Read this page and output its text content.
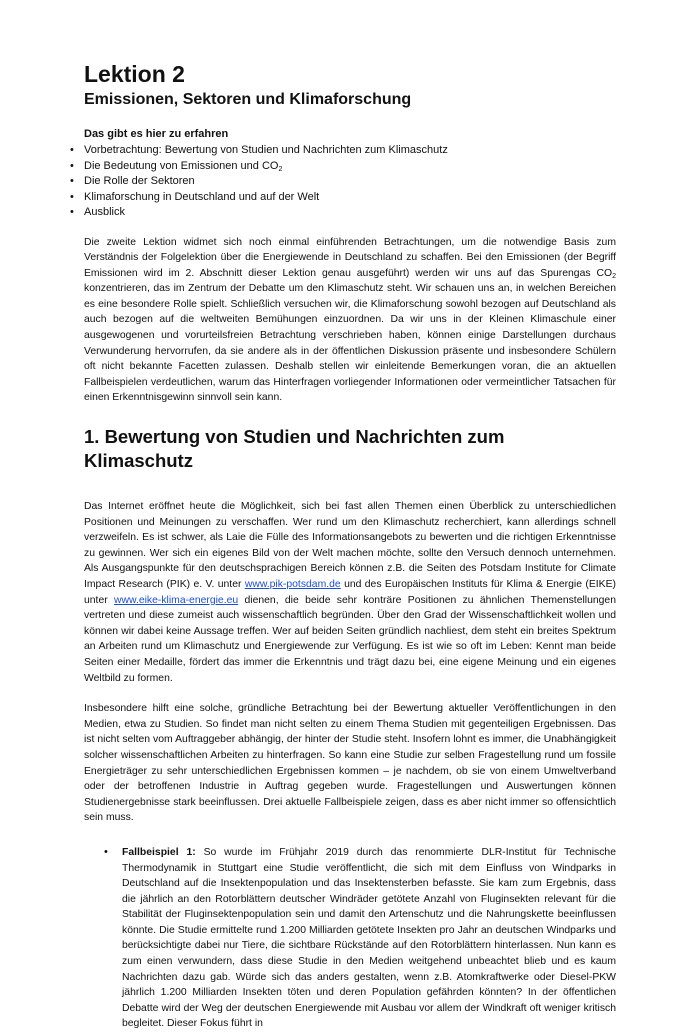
Lektion 2
Emissionen, Sektoren und Klimaforschung
Das gibt es hier zu erfahren
• Vorbetrachtung: Bewertung von Studien und Nachrichten zum Klimaschutz
• Die Bedeutung von Emissionen und $CO_2$
• Die Rolle der Sektoren
• Klimaforschung in Deutschland und auf der Welt
• Ausblick

Die zweite Lektion widmet sich noch einmal einführenden Betrachtungen, um die notwendige Basis zum Verständnis der Folgelektion über die Energiewende in Deutschland zu schaffen. Bei den Emissionen (der Begriff Emissionen wird im 2. Abschnitt dieser Lektion genau ausgeführt) werden wir uns auf das Spurengas $CO_2$ konzentrieren, das im Zentrum der Debatte um den Klimaschutz steht. Wir schauen uns an, in welchen Bereichen es eine besondere Rolle spielt. Schließlich versuchen wir, die Klimaforschung sowohl bezogen auf Deutschland als auch bezogen auf die weltweiten Bemühungen einzuordnen. Da wir uns in der Kleinen Klimaschule einer ausgewogenen und vorurteilsfreien Betrachtung verschrieben haben, können einige Darstellungen durchaus Verwunderung hervorrufen, da sie andere als in der öffentlichen Diskussion präsente und insbesondere Schülern oft nicht bekannte Facetten zulassen. Deshalb stellen wir einleitende Bemerkungen voran, die an aktuellen Fallbeispielen verdeutlichen, warum das Hinterfragen vorliegender Informationen oder vermeintlicher Tatsachen für einen Erkenntnisgewinn sinnvoll sein kann.

1. Bewertung von Studien und Nachrichten zum Klimaschutz

Das Internet eröffnet heute die Möglichkeit, sich bei fast allen Themen einen Überblick zu unterschiedlichen Positionen und Meinungen zu verschaffen. Wer rund um den Klimaschutz recherchiert, kann allerdings schnell verzweifeln. Es ist schwer, als Laie die Fülle des Informationsangebots zu bewerten und die richtigen Erkenntnisse zu gewinnen. Wer sich ein eigenes Bild von der Welt machen möchte, sollte den Versuch dennoch unternehmen. Als Ausgangspunkte für den deutschsprachigen Bereich können z.B. die Seiten des Potsdam Institute for Climate Impact Research (PIK) e. V. unter www.pik-potsdam.de und des Europäischen Instituts für Klima & Energie (EIKE) unter www.eike-klima-energie.eu dienen, die beide sehr konträre Positionen zu ähnlichen Themenstellungen vertreten und diese zumeist auch wissenschaftlich begründen. Über den Grad der Wissenschaftlichkeit wollen und können wir dabei keine Aussage treffen. Wer auf beiden Seiten gründlich nachliest, dem steht ein breites Spektrum an Arbeiten rund um Klimaschutz und Energiewende zur Verfügung. Es ist wie so oft im Leben: Kennt man beide Seiten einer Medaille, fördert das immer die Erkenntnis und trägt dazu bei, eine eigene Meinung und ein eigenes Weltbild zu formen.

Insbesondere hilft eine solche, gründliche Betrachtung bei der Bewertung aktueller Veröffentlichungen in den Medien, etwa zu Studien. So findet man nicht selten zu einem Thema Studien mit gegenteiligen Ergebnissen. Das ist nicht selten vom Auftraggeber abhängig, der hinter der Studie steht. Insofern lohnt es immer, die Unabhängigkeit solcher wissenschaftlichen Arbeiten zu hinterfragen. So kann eine Studie zur selben Fragestellung rund um fossile Energieträger zu sehr unterschiedlichen Ergebnissen kommen – je nachdem, ob sie von einem Umweltverband oder der betroffenen Industrie in Auftrag gegeben wurde. Fragestellungen und Auswertungen können Studienergebnisse stark beeinflussen. Drei aktuelle Fallbeispiele zeigen, dass es aber nicht immer so offensichtlich sein muss.

• Fallbeispiel 1: So wurde im Frühjahr 2019 durch das renommierte DLR-Institut für Technische Thermodynamik in Stuttgart eine Studie veröffentlicht, die sich mit dem Einfluss von Windparks in Deutschland auf die Insektenpopulation und das Insektensterben befasste. Sie kam zum Ergebnis, dass die jährlich an den Rotorblättern deutscher Windräder getötete Anzahl von Fluginsekten relevant für die Stabilität der Fluginsektenpopulation sein und damit den Artenschutz und die Nahrungskette beeinflussen könnte. Die Studie ermittelte rund 1.200 Milliarden getötete Insekten pro Jahr an deutschen Windparks und berücksichtigte dabei nur Tiere, die sichtbare Rückstände auf den Rotorblättern hinterlassen. Nun kann es zum einen verwundern, dass diese Studie in den Medien weitgehend unbeachtet blieb und es kaum Nachrichten dazu gab. Würde sich das anders gestalten, wenn z.B. Atomkraftwerke oder Diesel-PKW jährlich 1.200 Milliarden Insekten töten und deren Population gefährden könnten? In der öffentlichen Debatte wird der Weg der deutschen Energiewende mit Ausbau vor allem der Windkraft oft weniger kritisch begleitet. Dieser Fokus führt in
